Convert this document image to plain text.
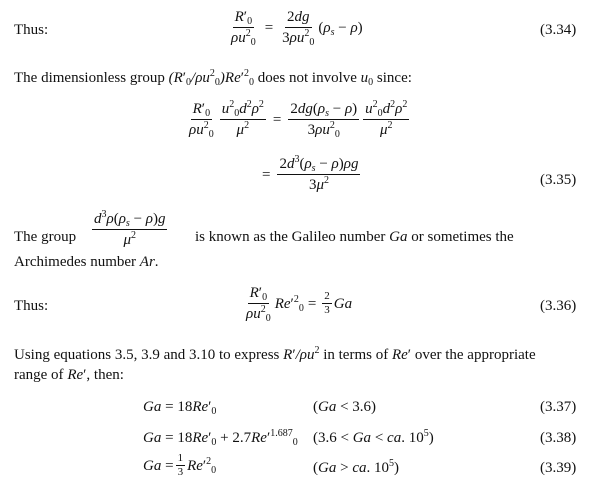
Thus:	$\frac{R'_0}{\rho u^2_0} = \frac{2dg}{3\rho u^2_0} (\rho_s - \rho)$	(3.34)
The dimensionless group $(R'_0/\rho u^2_0)Re'^2_0$ does not involve $u_0$ since:
$\frac{R'_0}{\rho u^2_0} \frac{u^2_0d^2\rho^2}{\mu^2} = \frac{2dg(\rho_s - \rho)}{3\rho u^2_0} \frac{u^2_0d^2\rho^2}{\mu^2}$
= $\frac{2d^3(\rho_s - \rho)\rho g}{3\mu^2}$	(3.35)
The group $\frac{d^3\rho(\rho_s - \rho)g}{\mu^2}$ is known as the Galileo number Ga or sometimes the
Archimedes number Ar.
Thus:	$\frac{R'_0}{\rho u^2_0} Re'^2_0 = \frac{2}{3}$ Ga	(3.36)
Using equations 3.5, 3.9 and 3.10 to express $R'/\rho u^2$ in terms of Re′ over the appropriate
range of Re′, then:
$Ga = 18Re'_0$	(Ga < 3.6)	(3.37)
$Ga = 18Re'_0 + 2.7Re'^{1.687}_0$ (3.6 < Ga < ca. $10^5$)	(3.38)
$Ga = \frac{1}{3} Re'^2_0$	(Ga > ca. $10^5$)	(3.39)
